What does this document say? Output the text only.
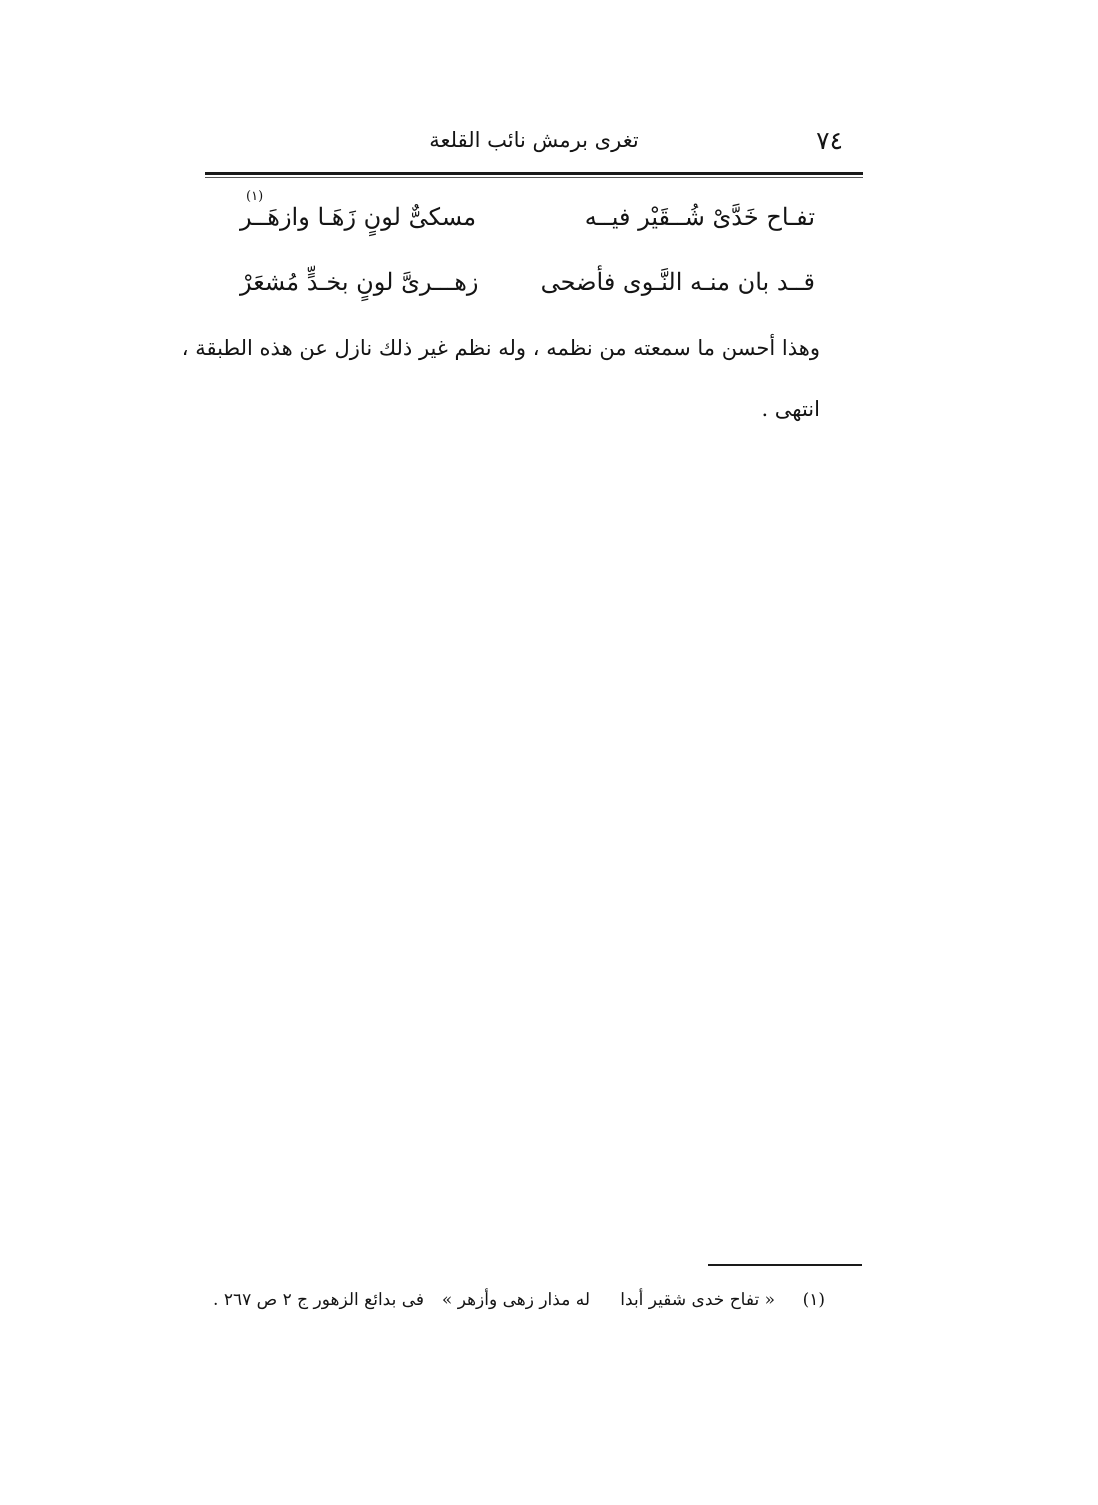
٧٤
تغرى برمش نائب القلعة
تفـاح خَدَّىْ شُــقَيْر فيــه
مسكىٌّ لونٍ زَهَـا وازهَــر
(١)
قــد بان منـه النَّـوى فأضحى
زهـــرىَّ لونٍ بخـدٍّ مُشعَرْ
وهذا أحسن ما سمعته من نظمه ، وله نظم غير ذلك نازل عن هذه الطبقة ،
انتهى .
(١)
« تفاح خدى شقير أبدا
له مذار زهى وأزهر »
فى بدائع الزهور ج ٢ ص ٢٦٧ .
